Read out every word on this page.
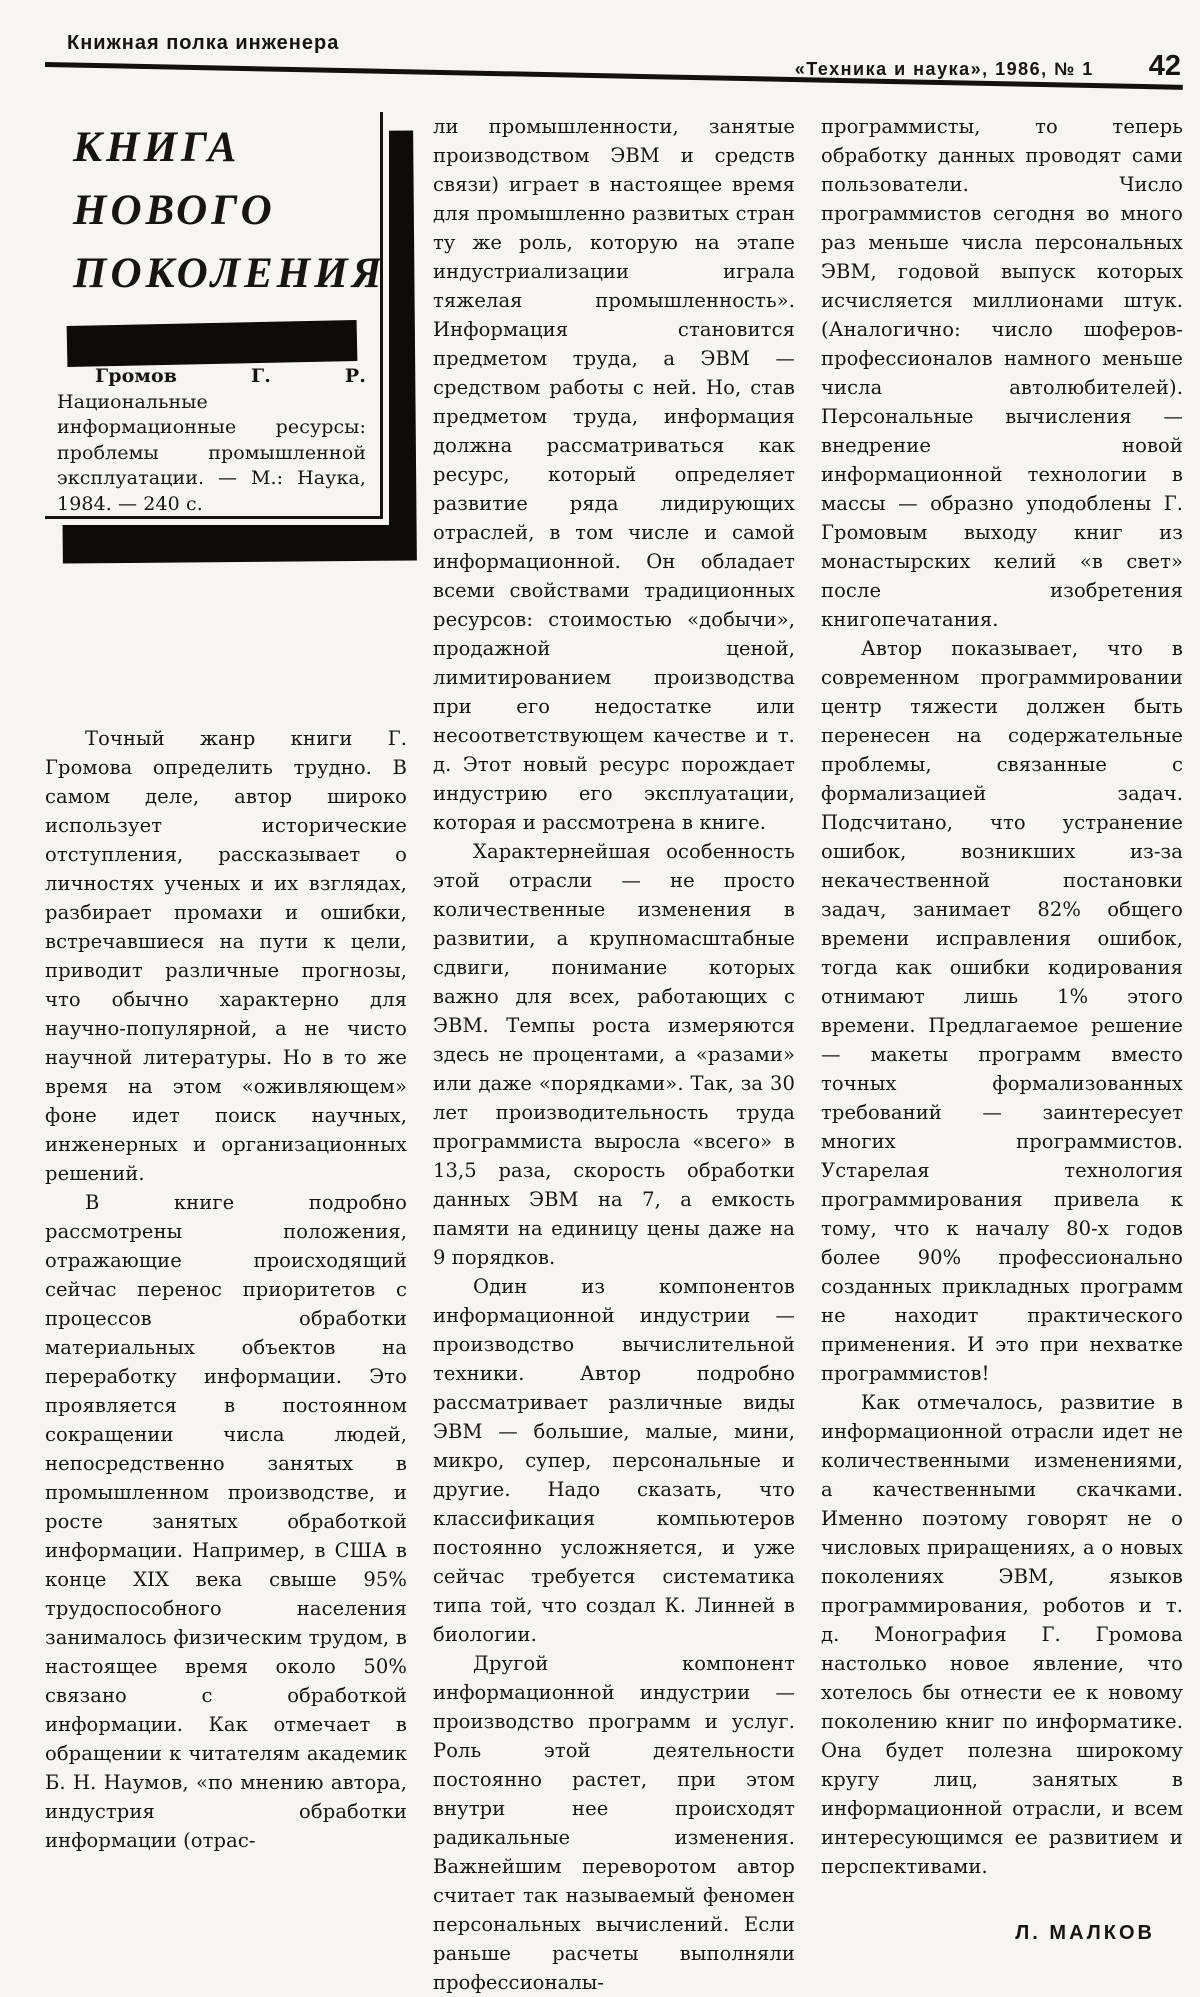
Книжная полка инженера
«Техника и наука», 1986, № 1 42
КНИГА
НОВОГО
ПОКОЛЕНИЯ

Громов Г. Р. Национальные информационные ресурсы: проблемы промышленной эксплуатации. — М.: Наука, 1984. — 240 с.

Точный жанр книги Г. Громова определить трудно. В самом деле, автор широко использует исторические отступления, рассказывает о личностях ученых и их взглядах, разбирает промахи и ошибки, встречавшиеся на пути к цели, приводит различные прогнозы, что обычно характерно для научно-популярной, а не чисто научной литературы. Но в то же время на этом «оживляющем» фоне идет поиск научных, инженерных и организационных решений.

В книге подробно рассмотрены положения, отражающие происходящий сейчас перенос приоритетов с процессов обработки материальных объектов на переработку информации. Это проявляется в постоянном сокращении числа людей, непосредственно занятых в промышленном производстве, и росте занятых обработкой информации. Например, в США в конце XIX века свыше 95% трудоспособного населения занималось физическим трудом, в настоящее время около 50% связано с обработкой информации. Как отмечает в обращении к читателям академик Б. Н. Наумов, «по мнению автора, индустрия обработки информации (отрас-

ли промышленности, занятые производством ЭВМ и средств связи) играет в настоящее время для промышленно развитых стран ту же роль, которую на этапе индустриализации играла тяжелая промышленность». Информация становится предметом труда, а ЭВМ — средством работы с ней. Но, став предметом труда, информация должна рассматриваться как ресурс, который определяет развитие ряда лидирующих отраслей, в том числе и самой информационной. Он обладает всеми свойствами традиционных ресурсов: стоимостью «добычи», продажной ценой, лимитированием производства при его недостатке или несоответствующем качестве и т. д. Этот новый ресурс порождает индустрию его эксплуатации, которая и рассмотрена в книге.

Характернейшая особенность этой отрасли — не просто количественные изменения в развитии, а крупномасштабные сдвиги, понимание которых важно для всех, работающих с ЭВМ. Темпы роста измеряются здесь не процентами, а «разами» или даже «порядками». Так, за 30 лет производительность труда программиста выросла «всего» в 13,5 раза, скорость обработки данных ЭВМ на 7, а емкость памяти на единицу цены даже на 9 порядков.

Один из компонентов информационной индустрии — производство вычислительной техники. Автор подробно рассматривает различные виды ЭВМ — большие, малые, мини, микро, супер, персональные и другие. Надо сказать, что классификация компьютеров постоянно усложняется, и уже сейчас требуется систематика типа той, что создал К. Линней в биологии.

Другой компонент информационной индустрии — производство программ и услуг. Роль этой деятельности постоянно растет, при этом внутри нее происходят радикальные изменения. Важнейшим переворотом автор считает так называемый феномен персональных вычислений. Если раньше расчеты выполняли профессионалы-

программисты, то теперь обработку данных проводят сами пользователи. Число программистов сегодня во много раз меньше числа персональных ЭВМ, годовой выпуск которых исчисляется миллионами штук. (Аналогично: число шоферов-профессионалов намного меньше числа автолюбителей). Персональные вычисления — внедрение новой информационной технологии в массы — образно уподоблены Г. Громовым выходу книг из монастырских келий «в свет» после изобретения книгопечатания.

Автор показывает, что в современном программировании центр тяжести должен быть перенесен на содержательные проблемы, связанные с формализацией задач. Подсчитано, что устранение ошибок, возникших из-за некачественной постановки задач, занимает 82% общего времени исправления ошибок, тогда как ошибки кодирования отнимают лишь 1% этого времени. Предлагаемое решение — макеты программ вместо точных формализованных требований — заинтересует многих программистов. Устарелая технология программирования привела к тому, что к началу 80-х годов более 90% профессионально созданных прикладных программ не находит практического применения. И это при нехватке программистов!

Как отмечалось, развитие в информационной отрасли идет не количественными изменениями, а качественными скачками. Именно поэтому говорят не о числовых приращениях, а о новых поколениях ЭВМ, языков программирования, роботов и т. д. Монография Г. Громова настолько новое явление, что хотелось бы отнести ее к новому поколению книг по информатике. Она будет полезна широкому кругу лиц, занятых в информационной отрасли, и всем интересующимся ее развитием и перспективами.

Л. МАЛКОВ
